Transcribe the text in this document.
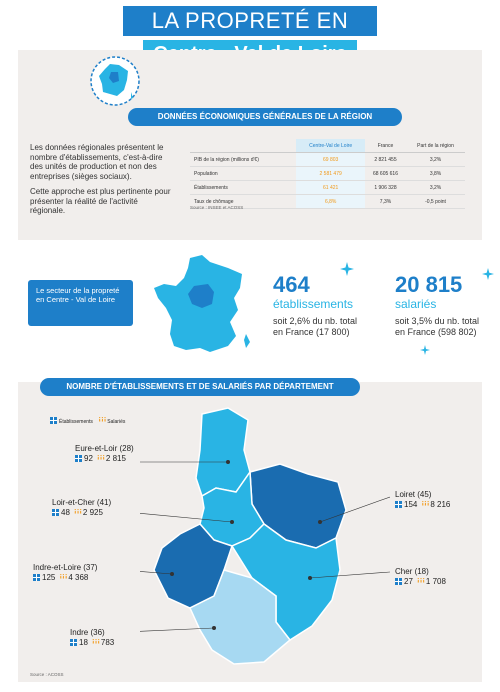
LA PROPRETÉ EN
DONNÉES ÉCONOMIQUES GÉNÉRALES DE LA RÉGION
Les données régionales présentent le nombre d'établissements, c'est-à-dire des unités de production et non des entreprises (sièges sociaux).
Cette approche est plus pertinente pour présenter la réalité de l'activité régionale.
	Centre-Val de Loire	France	Part de la région
PIB de la région (millions d'€)	69 803	2 821 455	3,2%
Population	2 581 479	68 605 616	3,8%
Établissements	61 421	1 906 328	3,2%
Taux de chômage	6,8%	7,3%	-0,5 point
Source : INSEE et ACOSS
Le secteur de la propreté en Centre - Val de Loire
464
établissements
soit 2,6% du nb. total
en France (17 800)
20 815
salariés
soit 3,5% du nb. total
en France (598 802)
NOMBRE D'ÉTABLISSEMENTS ET DE SALARIÉS PAR DÉPARTEMENT
Établissements ꜟꜟꜟSalariés
Eure-et-Loir (28)
92 ꜟꜟꜟ2 815
Loir-et-Cher (41)
48 ꜟꜟꜟ2 925
Loiret (45)
154 ꜟꜟꜟ8 216
Indre-et-Loire (37)
125 ꜟꜟꜟ4 368
Cher (18)
27 ꜟꜟꜟ1 708
Indre (36)
18 ꜟꜟꜟ783
Source : ACOSS
